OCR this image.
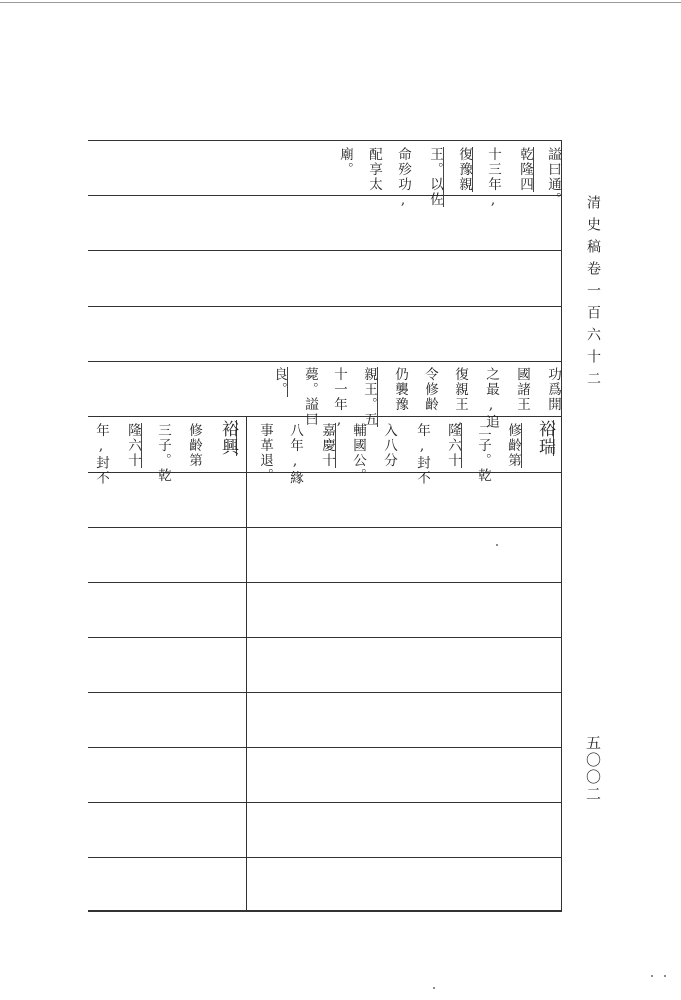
清史稿卷一百六十二
五〇〇二
謚曰通。
乾隆四
十三年,
復豫親
王。以佐
命殄功,
配享太
廟。
功爲開
國諸王
之最,追
復親王,
令修齡
仍襲豫
親王。五
十一年,
薨。謚曰
良。
裕瑞
修齡第
二子。乾
隆六十
年,封不
入八分
輔國公。
嘉慶十
八年,緣
事革退。
裕興
修齡第
三子。乾
隆六十
年,封不
